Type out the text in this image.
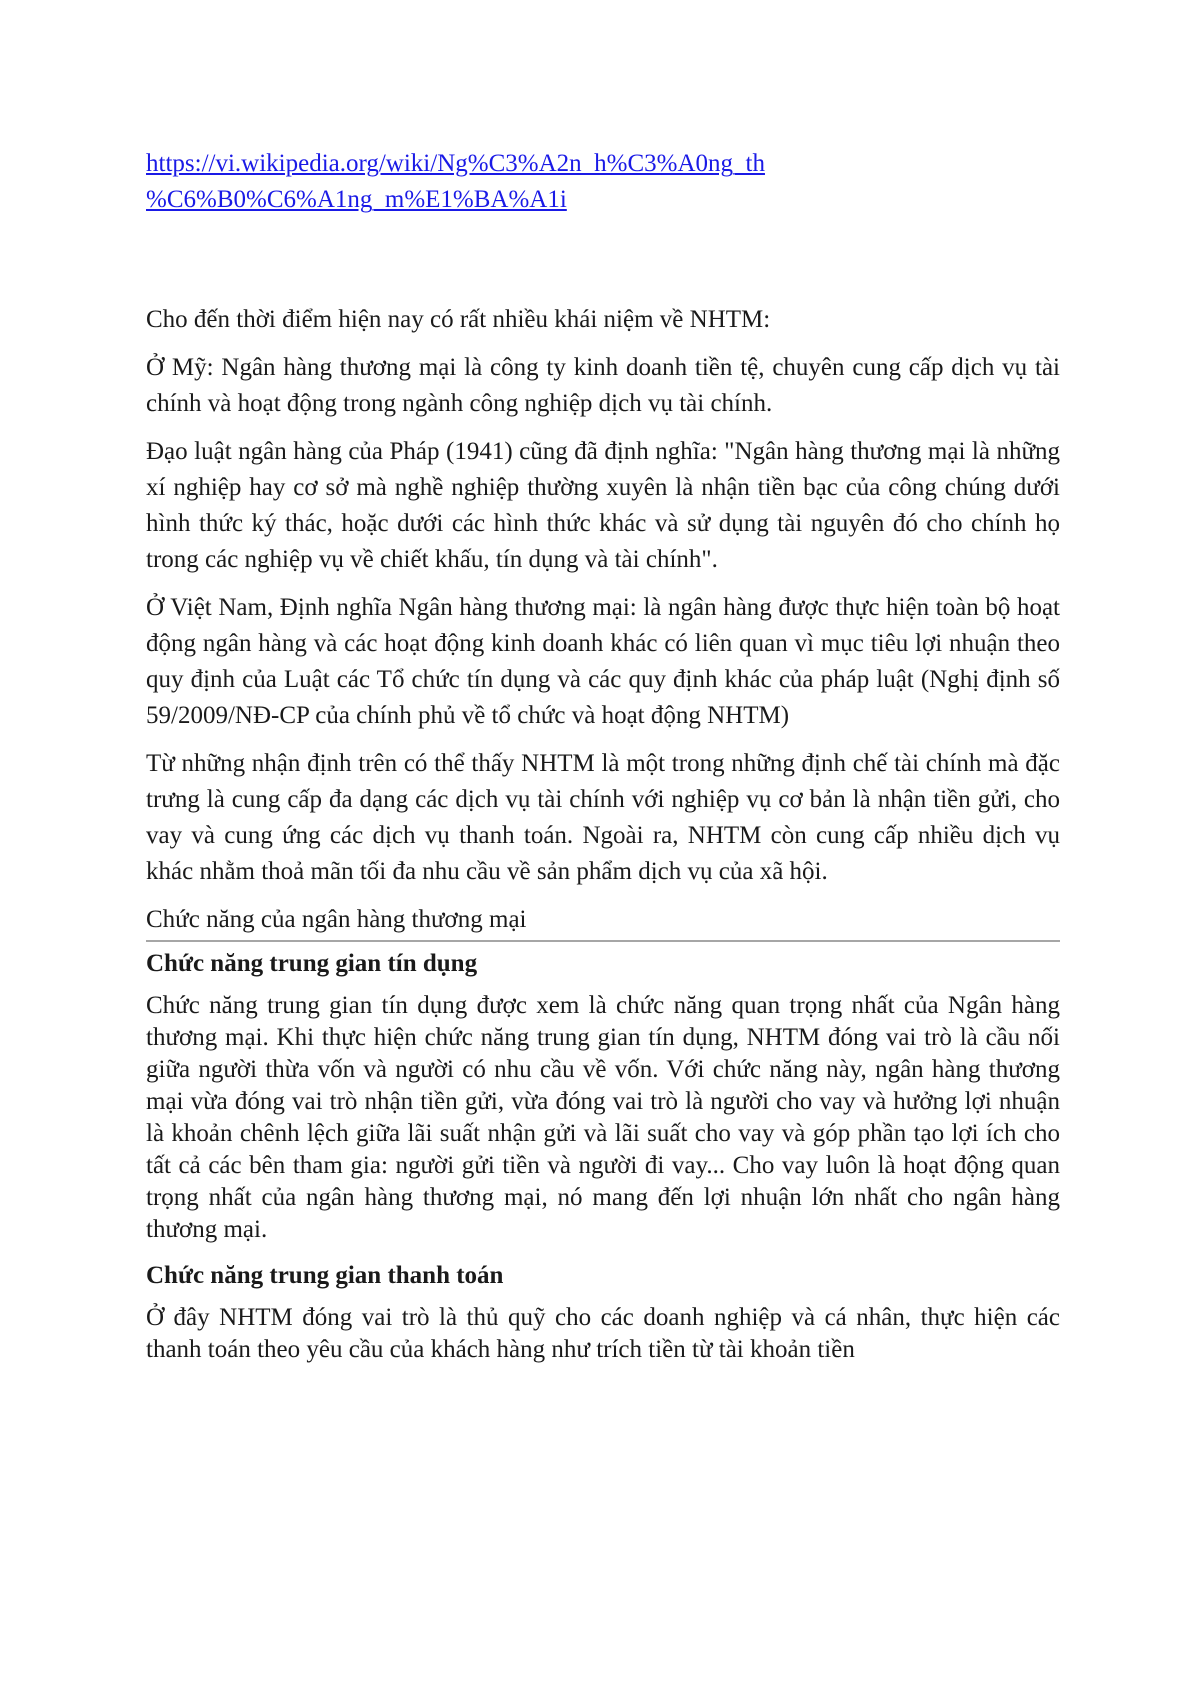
https://vi.wikipedia.org/wiki/Ng%C3%A2n_h%C3%A0ng_th
%C6%B0%C6%A1ng_m%E1%BA%A1i

Cho đến thời điểm hiện nay có rất nhiều khái niệm về NHTM:

Ở Mỹ: Ngân hàng thương mại là công ty kinh doanh tiền tệ, chuyên cung cấp dịch vụ tài chính và hoạt động trong ngành công nghiệp dịch vụ tài chính.

Đạo luật ngân hàng của Pháp (1941) cũng đã định nghĩa: "Ngân hàng thương mại là những xí nghiệp hay cơ sở mà nghề nghiệp thường xuyên là nhận tiền bạc của công chúng dưới hình thức ký thác, hoặc dưới các hình thức khác và sử dụng tài nguyên đó cho chính họ trong các nghiệp vụ về chiết khấu, tín dụng và tài chính".

Ở Việt Nam, Định nghĩa Ngân hàng thương mại: là ngân hàng được thực hiện toàn bộ hoạt động ngân hàng và các hoạt động kinh doanh khác có liên quan vì mục tiêu lợi nhuận theo quy định của Luật các Tổ chức tín dụng và các quy định khác của pháp luật (Nghị định số 59/2009/NĐ-CP của chính phủ về tổ chức và hoạt động NHTM)

Từ những nhận định trên có thể thấy NHTM là một trong những định chế tài chính mà đặc trưng là cung cấp đa dạng các dịch vụ tài chính với nghiệp vụ cơ bản là nhận tiền gửi, cho vay và cung ứng các dịch vụ thanh toán. Ngoài ra, NHTM còn cung cấp nhiều dịch vụ khác nhằm thoả mãn tối đa nhu cầu về sản phẩm dịch vụ của xã hội.

Chức năng của ngân hàng thương mại
Chức năng trung gian tín dụng

Chức năng trung gian tín dụng được xem là chức năng quan trọng nhất của Ngân hàng thương mại. Khi thực hiện chức năng trung gian tín dụng, NHTM đóng vai trò là cầu nối giữa người thừa vốn và người có nhu cầu về vốn. Với chức năng này, ngân hàng thương mại vừa đóng vai trò nhận tiền gửi, vừa đóng vai trò là người cho vay và hưởng lợi nhuận là khoản chênh lệch giữa lãi suất nhận gửi và lãi suất cho vay và góp phần tạo lợi ích cho tất cả các bên tham gia: người gửi tiền và người đi vay... Cho vay luôn là hoạt động quan trọng nhất của ngân hàng thương mại, nó mang đến lợi nhuận lớn nhất cho ngân hàng thương mại.

Chức năng trung gian thanh toán

Ở đây NHTM đóng vai trò là thủ quỹ cho các doanh nghiệp và cá nhân, thực hiện các thanh toán theo yêu cầu của khách hàng như trích tiền từ tài khoản tiền
